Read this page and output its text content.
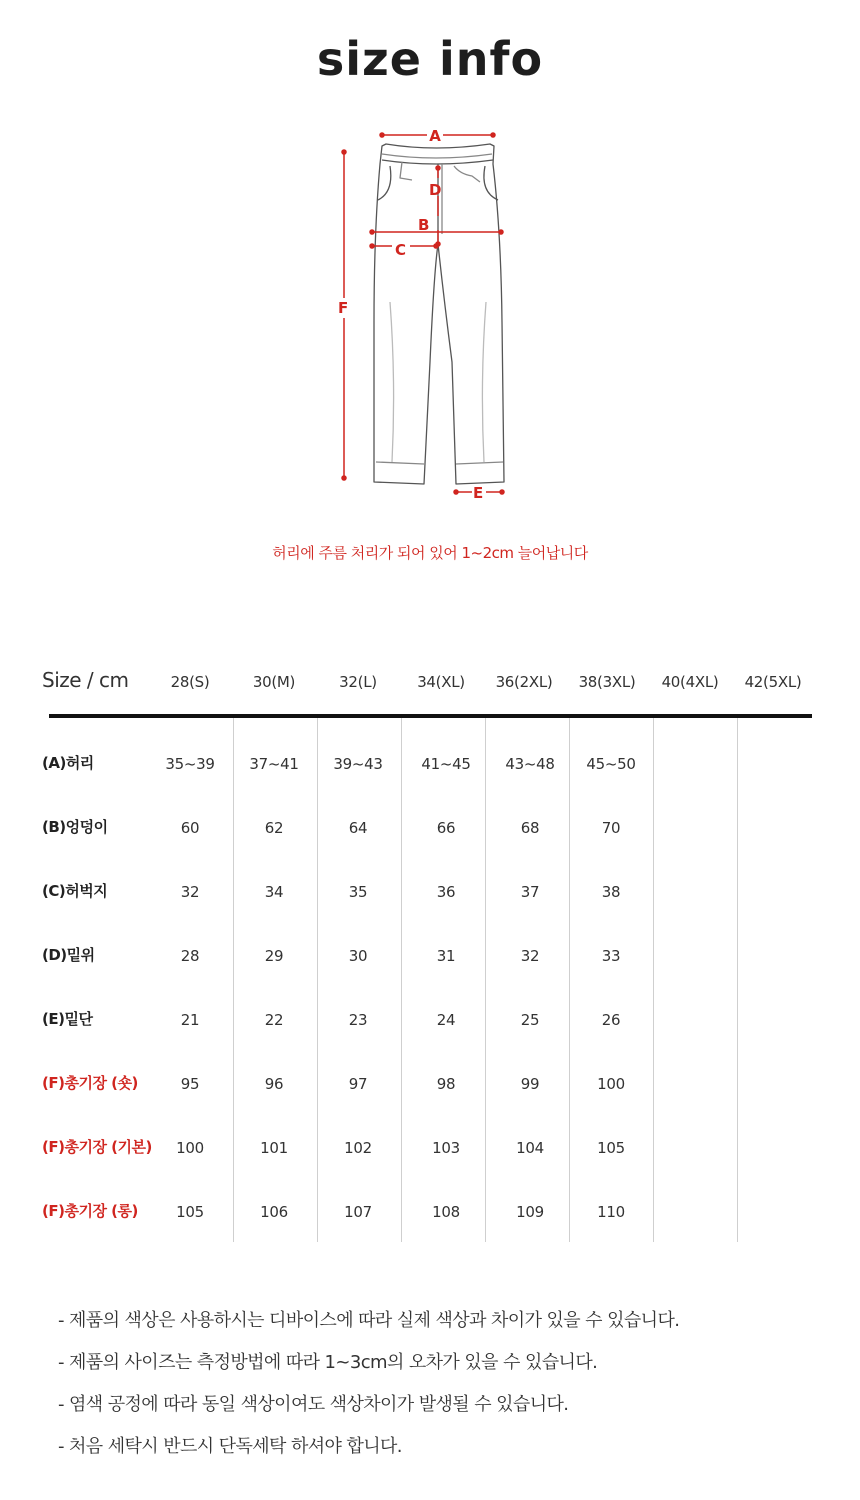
size info
A
D
B
C
F
E
허리에 주름 처리가 되어 있어 1~2cm 늘어납니다
Size / cm	28(S)	30(M)	32(L)	34(XL)	36(2XL)	38(3XL)	40(4XL)	42(5XL)
(A)허리	35~39	37~41	39~43	41~45	43~48	45~50
(B)엉덩이	60	62	64	66	68	70
(C)허벅지	32	34	35	36	37	38
(D)밑위	28	29	30	31	32	33
(E)밑단	21	22	23	24	25	26
(F)총기장 (숏)	95	96	97	98	99	100
(F)총기장 (기본)	100	101	102	103	104	105
(F)총기장 (롱)	105	106	107	108	109	110
- 제품의 색상은 사용하시는 디바이스에 따라 실제 색상과 차이가 있을 수 있습니다.
- 제품의 사이즈는 측정방법에 따라 1~3cm의 오차가 있을 수 있습니다.
- 염색 공정에 따라 동일 색상이여도 색상차이가 발생될 수 있습니다.
- 처음 세탁시 반드시 단독세탁 하셔야 합니다.
